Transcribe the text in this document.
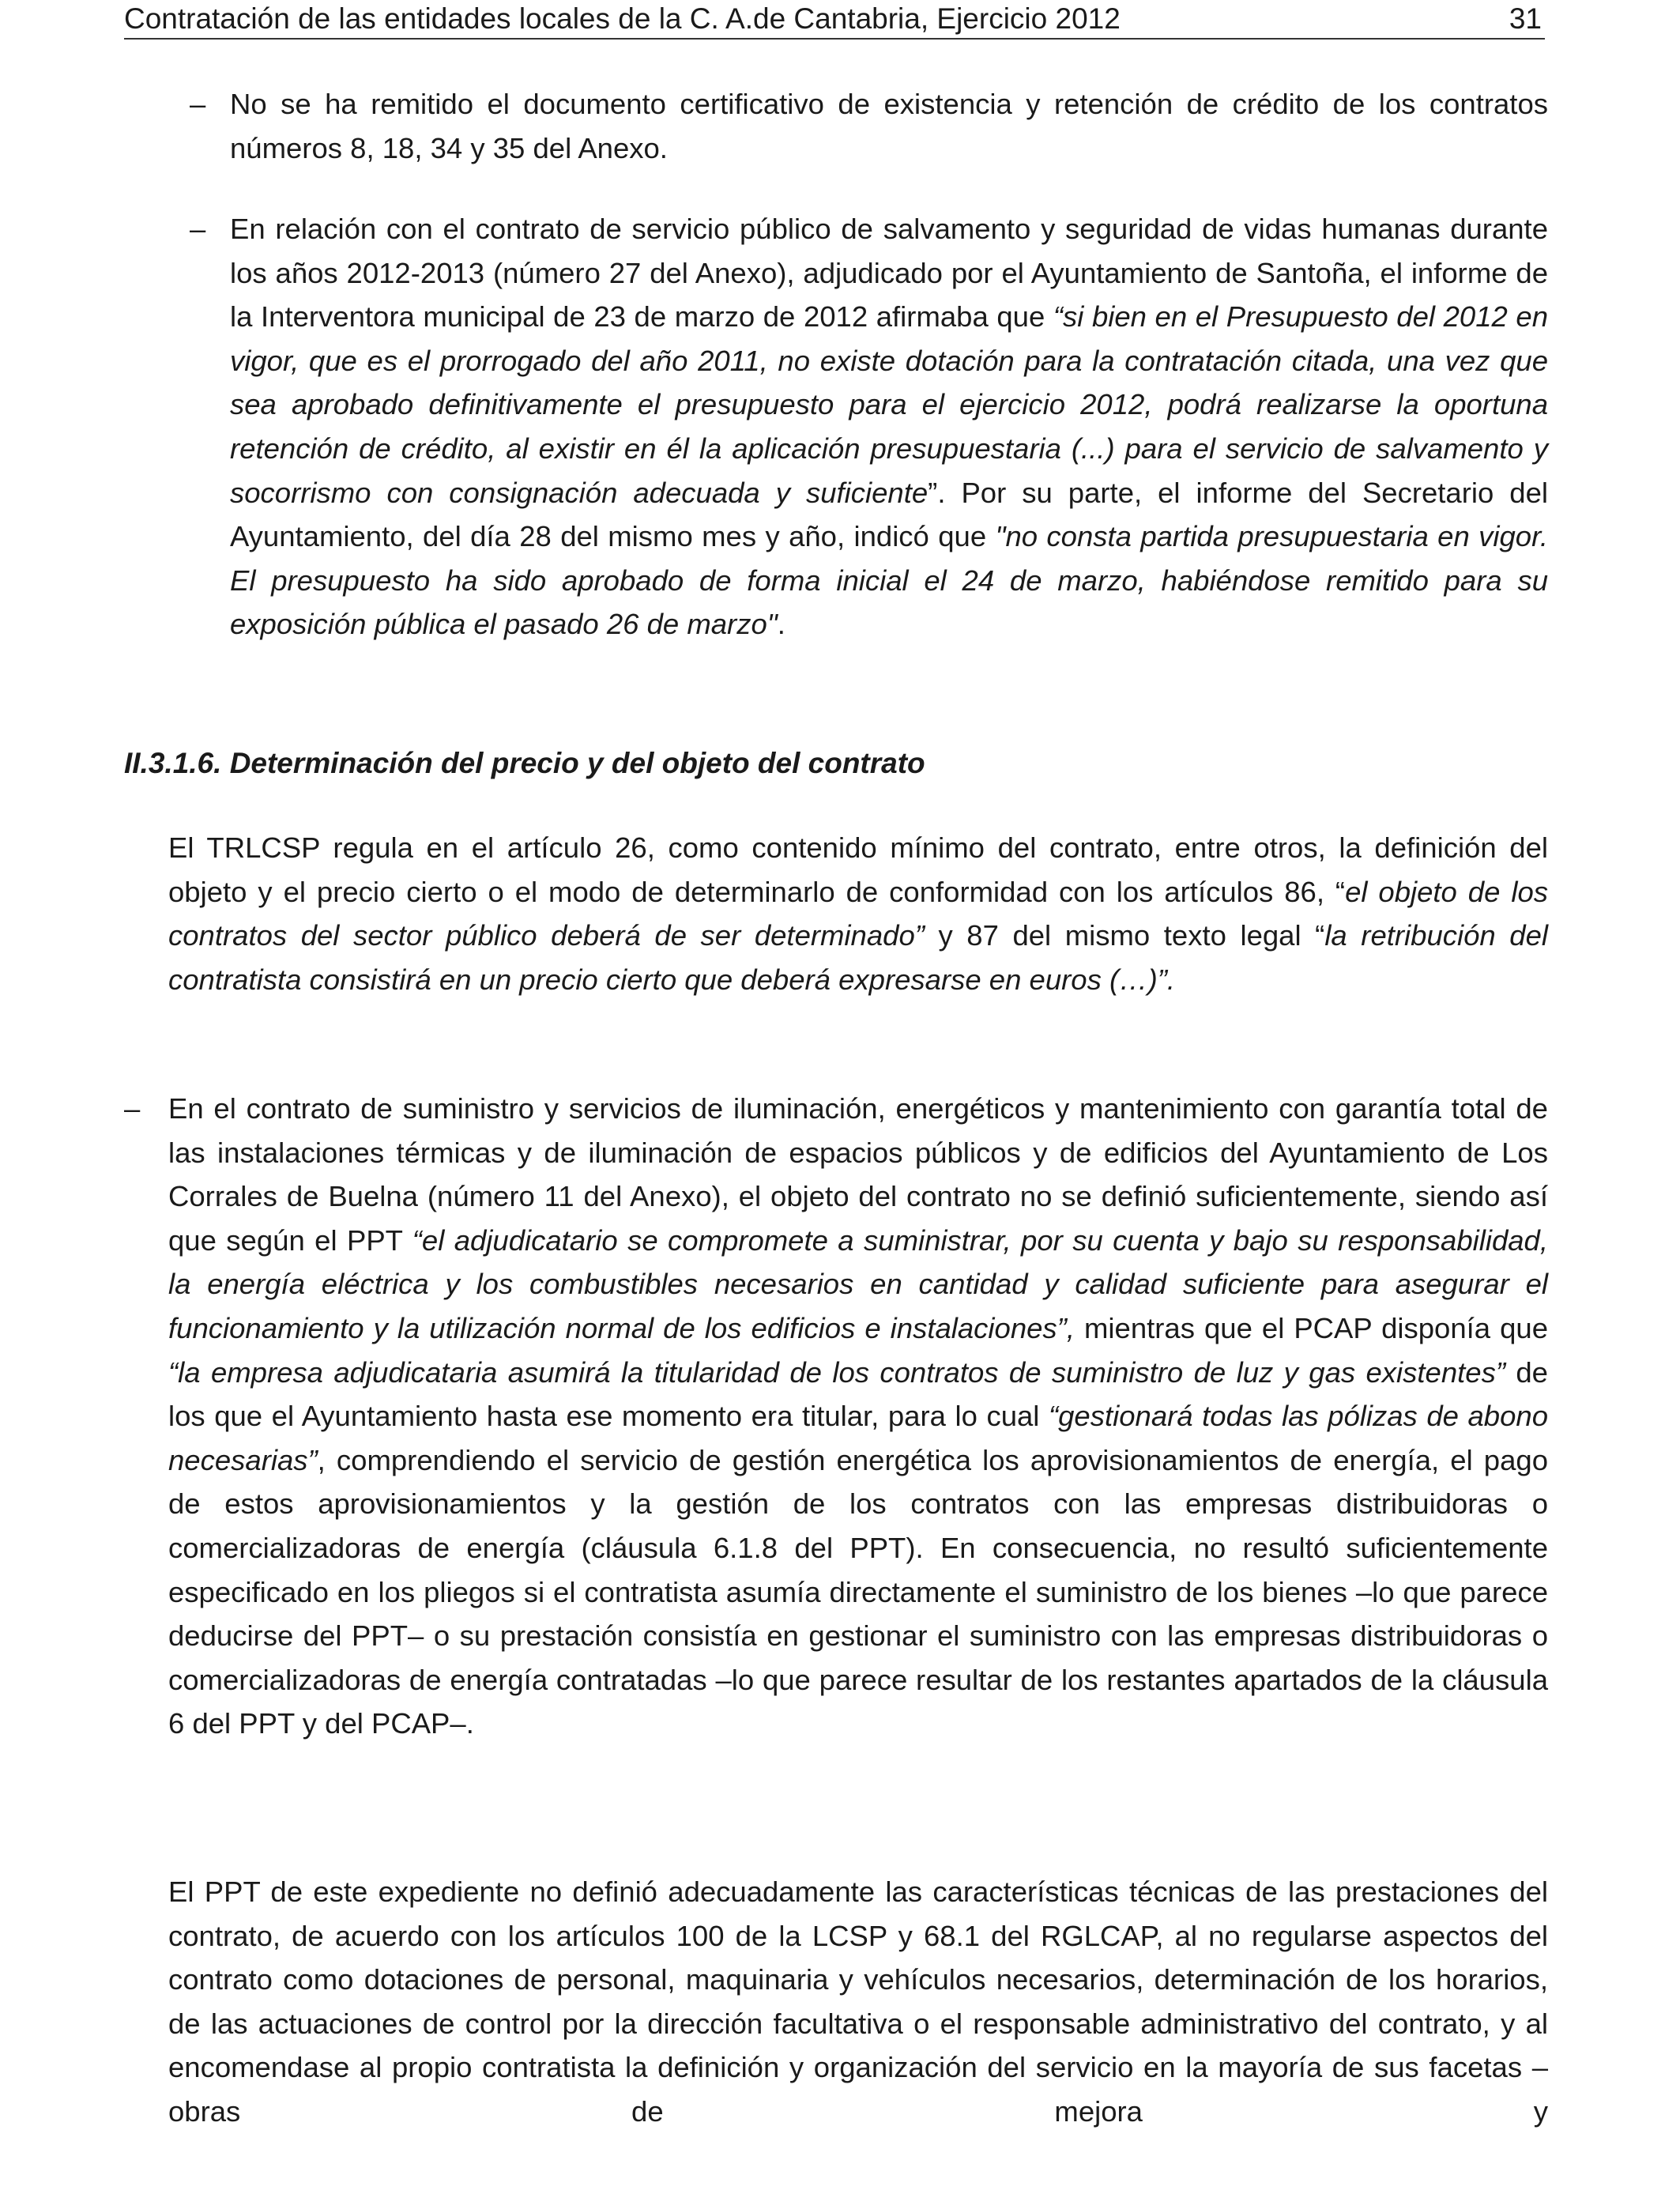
Contratación de las entidades locales de la C. A.de Cantabria, Ejercicio 2012	31
– No se ha remitido el documento certificativo de existencia y retención de crédito de los contratos números 8, 18, 34 y 35 del Anexo.

– En relación con el contrato de servicio público de salvamento y seguridad de vidas humanas durante los años 2012-2013 (número 27 del Anexo), adjudicado por el Ayuntamiento de Santoña, el informe de la Interventora municipal de 23 de marzo de 2012 afirmaba que “si bien en el Presupuesto del 2012 en vigor, que es el prorrogado del año 2011, no existe dotación para la contratación citada, una vez que sea aprobado definitivamente el presupuesto para el ejercicio 2012, podrá realizarse la oportuna retención de crédito, al existir en él la aplicación presupuestaria (...) para el servicio de salvamento y socorrismo con consignación adecuada y suficiente”. Por su parte, el informe del Secretario del Ayuntamiento, del día 28 del mismo mes y año, indicó que "no consta partida presupuestaria en vigor. El presupuesto ha sido aprobado de forma inicial el 24 de marzo, habiéndose remitido para su exposición pública el pasado 26 de marzo".

II.3.1.6. Determinación del precio y del objeto del contrato

El TRLCSP regula en el artículo 26, como contenido mínimo del contrato, entre otros, la definición del objeto y el precio cierto o el modo de determinarlo de conformidad con los artículos 86, “el objeto de los contratos del sector público deberá de ser determinado” y 87 del mismo texto legal “la retribución del contratista consistirá en un precio cierto que deberá expresarse en euros (…)”.

– En el contrato de suministro y servicios de iluminación, energéticos y mantenimiento con garantía total de las instalaciones térmicas y de iluminación de espacios públicos y de edificios del Ayuntamiento de Los Corrales de Buelna (número 11 del Anexo), el objeto del contrato no se definió suficientemente, siendo así que según el PPT “el adjudicatario se compromete a suministrar, por su cuenta y bajo su responsabilidad, la energía eléctrica y los combustibles necesarios en cantidad y calidad suficiente para asegurar el funcionamiento y la utilización normal de los edificios e instalaciones”, mientras que el PCAP disponía que “la empresa adjudicataria asumirá la titularidad de los contratos de suministro de luz y gas existentes” de los que el Ayuntamiento hasta ese momento era titular, para lo cual “gestionará todas las pólizas de abono necesarias”, comprendiendo el servicio de gestión energética los aprovisionamientos de energía, el pago de estos aprovisionamientos y la gestión de los contratos con las empresas distribuidoras o comercializadoras de energía (cláusula 6.1.8 del PPT). En consecuencia, no resultó suficientemente especificado en los pliegos si el contratista asumía directamente el suministro de los bienes –lo que parece deducirse del PPT– o su prestación consistía en gestionar el suministro con las empresas distribuidoras o comercializadoras de energía contratadas –lo que parece resultar de los restantes apartados de la cláusula 6 del PPT y del PCAP–.

El PPT de este expediente no definió adecuadamente las características técnicas de las prestaciones del contrato, de acuerdo con los artículos 100 de la LCSP y 68.1 del RGLCAP, al no regularse aspectos del contrato como dotaciones de personal, maquinaria y vehículos necesarios, determinación de los horarios, de las actuaciones de control por la dirección facultativa o el responsable administrativo del contrato, y al encomendase al propio contratista la definición y organización del servicio en la mayoría de sus facetas –obras de mejora y
